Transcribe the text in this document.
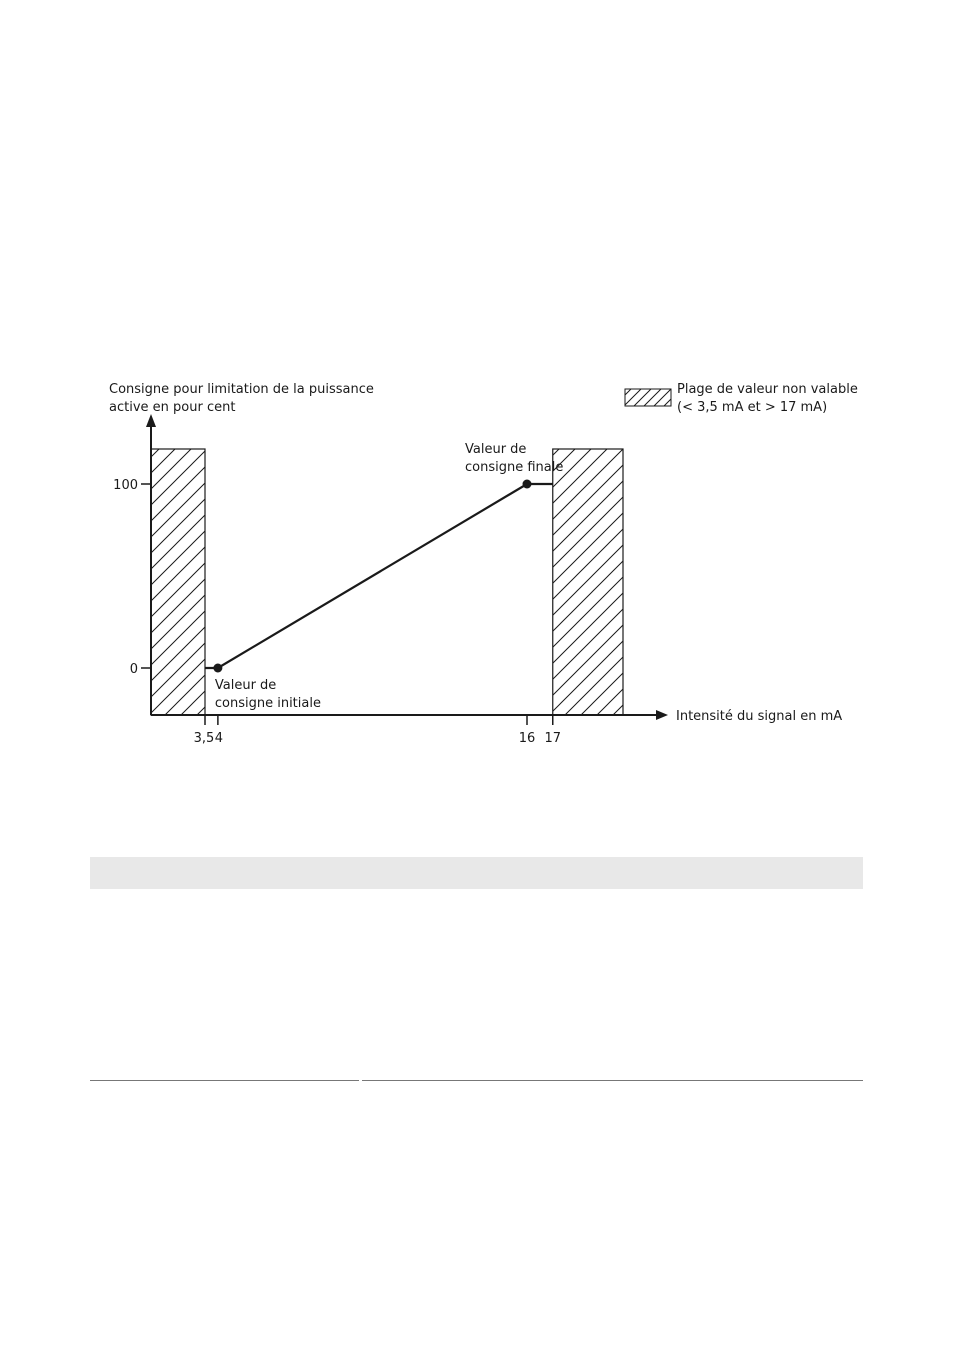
Consigne pour limitation de la puissance
active en pour cent
Intensité du signal en mA
3,5 4	16 17
0
100
Valeur de
consigne initiale
Valeur de
consigne finale
Plage de valeur non valable
(< 3,5 mA et > 17 mA)
